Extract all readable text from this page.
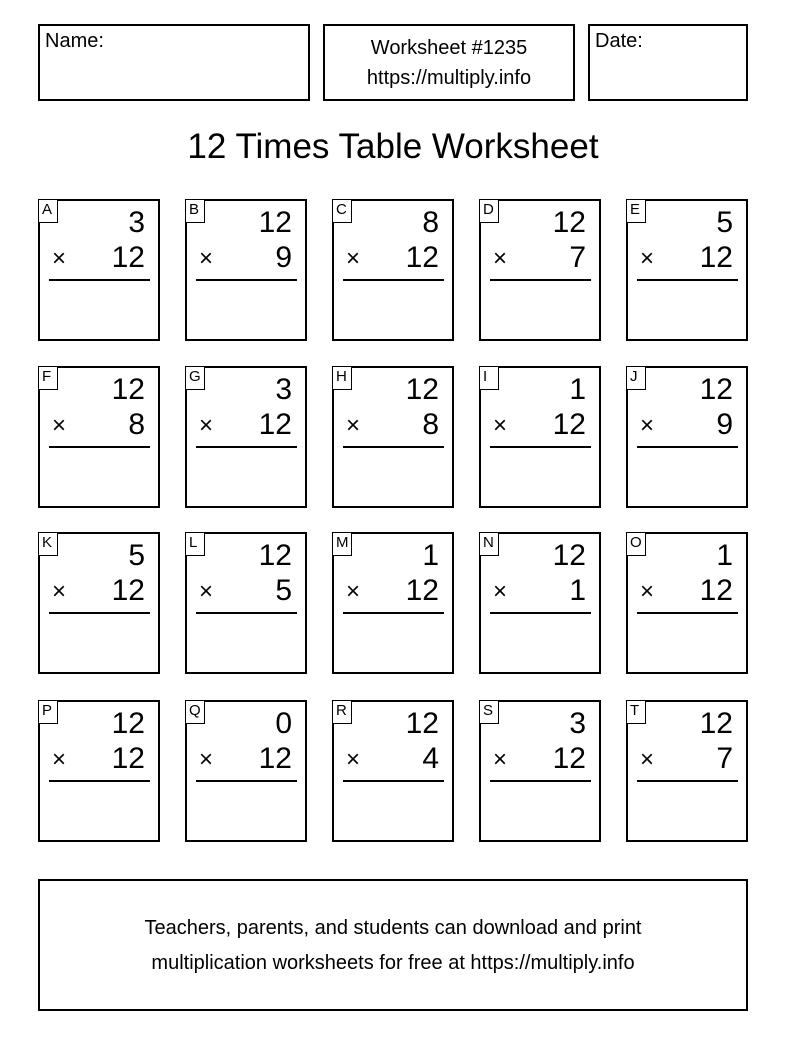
Name:	Worksheet #1235
https://multiply.info
Date:
12 Times Table Worksheet
A	3
× 12
B 12
× 9
C	8
× 12
D 12
× 7
E	5
× 12
F 12
× 8
G 3
× 12
H 12
× 8
I	1
× 12
J 12
× 9
K	5
× 12
L 12
× 5
M 1
× 12
N 12
× 1
O 1
× 12
P 12
× 12
Q 0
× 12
R 12
× 4
S	3
× 12
T 12
× 7
Teachers, parents, and students can download and print
multiplication worksheets for free at https://multiply.info
